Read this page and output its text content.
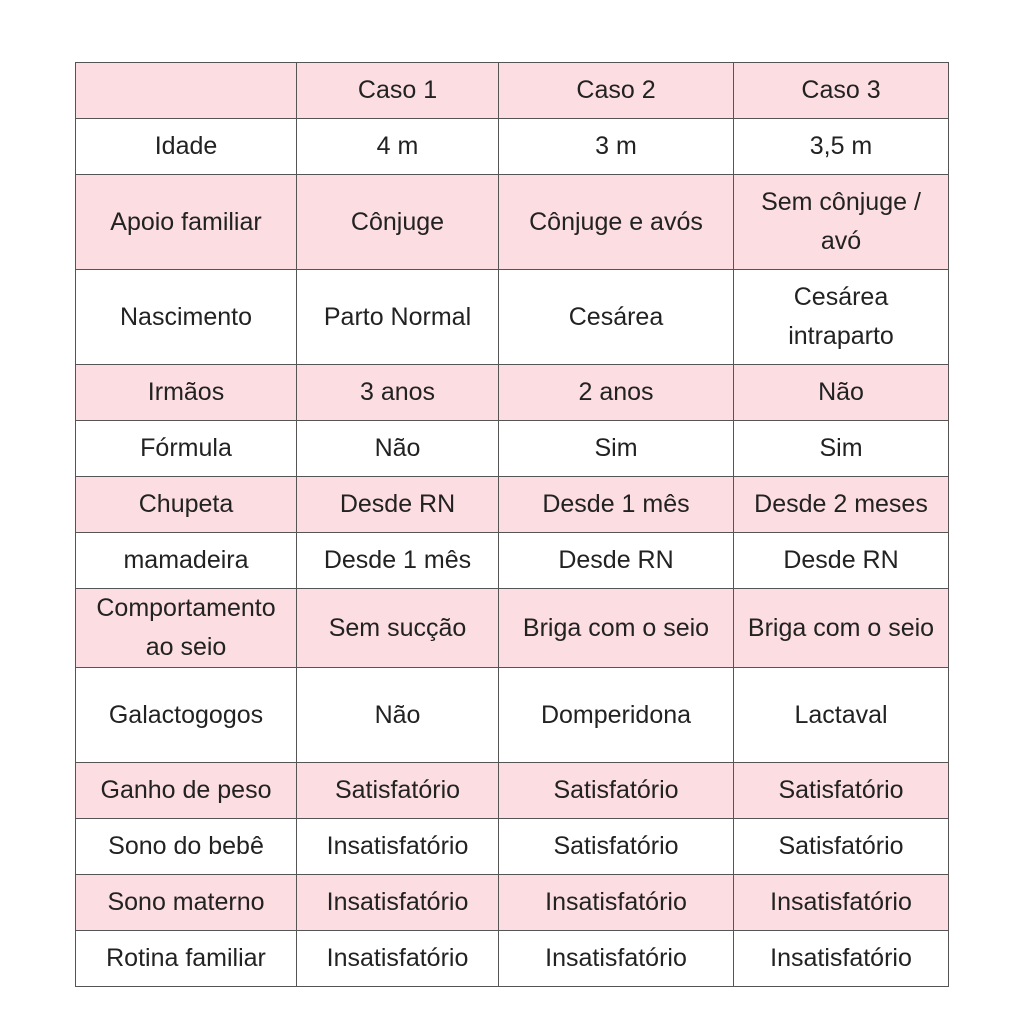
	Caso 1	Caso 2	Caso 3
Idade	4 m	3 m	3,5 m
Apoio familiar	Cônjuge	Cônjuge e avós	Sem cônjuge / avó
Nascimento	Parto Normal	Cesárea	Cesárea intraparto
Irmãos	3 anos	2 anos	Não
Fórmula	Não	Sim	Sim
Chupeta	Desde RN	Desde 1 mês	Desde 2 meses
mamadeira	Desde 1 mês	Desde RN	Desde RN
Comportamento ao seio	Sem sucção	Briga com o seio	Briga com o seio
Galactogogos	Não	Domperidona	Lactaval
Ganho de peso	Satisfatório	Satisfatório	Satisfatório
Sono do bebê	Insatisfatório	Satisfatório	Satisfatório
Sono materno	Insatisfatório	Insatisfatório	Insatisfatório
Rotina familiar	Insatisfatório	Insatisfatório	Insatisfatório
